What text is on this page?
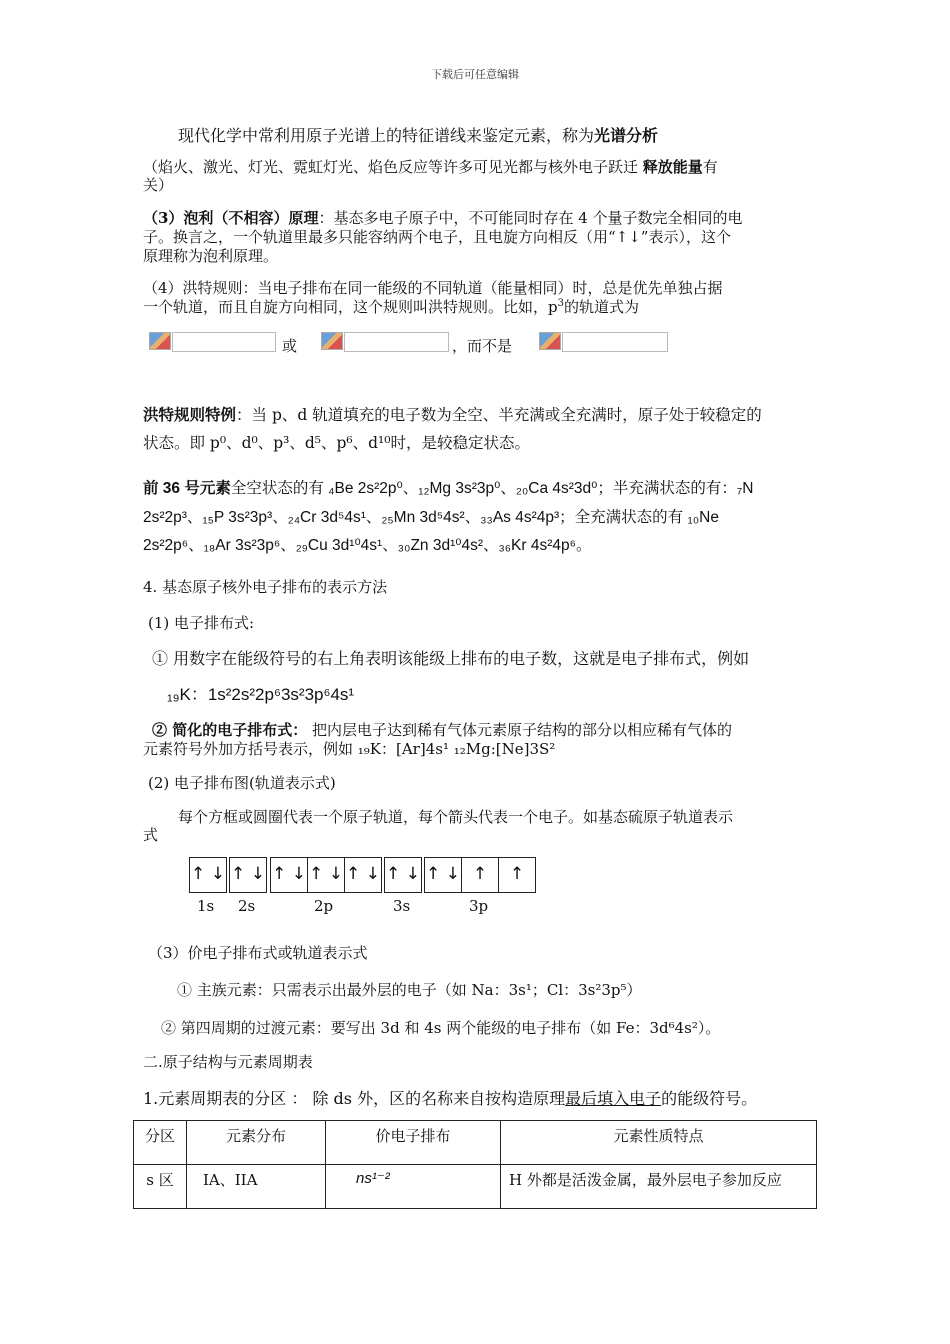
下载后可任意编辑
现代化学中常利用原子光谱上的特征谱线来鉴定元素，称为光谱分析
（焰火、激光、灯光、霓虹灯光、焰色反应等许多可见光都与核外电子跃迁 释放能量有
关）
（3）泡利（不相容）原理：基态多电子原子中，不可能同时存在 4 个量子数完全相同的电
子。换言之，一个轨道里最多只能容纳两个电子，且电旋方向相反（用“↑↓”表示），这个
原理称为泡利原理。
（4）洪特规则：当电子排布在同一能级的不同轨道（能量相同）时，总是优先单独占据
一个轨道，而且自旋方向相同，这个规则叫洪特规则。比如，$p^3$的轨道式为
或	，而不是
洪特规则特例：当 p、d 轨道填充的电子数为全空、半充满或全充满时，原子处于较稳定的
状态。即 p⁰、d⁰、p³、d⁵、p⁶、d¹⁰时，是较稳定状态。
前 36 号元素全空状态的有 ₄Be 2s²2p⁰、₁₂Mg 3s²3p⁰、₂₀Ca 4s²3d⁰；半充满状态的有：₇N
2s²2p³、₁₅P 3s²3p³、₂₄Cr 3d⁵4s¹、₂₅Mn 3d⁵4s²、₃₃As 4s²4p³；全充满状态的有 ₁₀Ne
2s²2p⁶、₁₈Ar 3s²3p⁶、₂₉Cu 3d¹⁰4s¹、₃₀Zn 3d¹⁰4s²、₃₆Kr 4s²4p⁶。
4. 基态原子核外电子排布的表示方法
(1) 电子排布式:
① 用数字在能级符号的右上角表明该能级上排布的电子数，这就是电子排布式，例如
₁₉K：1s²2s²2p⁶3s²3p⁶4s¹
② 简化的电子排布式： 把内层电子达到稀有气体元素原子结构的部分以相应稀有气体的
元素符号外加方括号表示，例如 ₁₉K：[Ar]4s¹ ₁₂Mg:[Ne]3S²
(2) 电子排布图(轨道表示式)
每个方框或圆圈代表一个原子轨道，每个箭头代表一个电子。如基态硫原子轨道表示
式
↑ ↓ ↑ ↓ ↑ ↓ ↑ ↓ ↑ ↓ ↑ ↓ ↑ ↓ ↑	↑
1s 2s	2p	3s	3p
（3）价电子排布式或轨道表示式
① 主族元素：只需表示出最外层的电子（如 Na：3s¹；Cl：3s²3p⁵）
② 第四周期的过渡元素：要写出 3d 和 4s 两个能级的电子排布（如 Fe：3d⁶4s²）。
二.原子结构与元素周期表
1.元素周期表的分区 ： 除 ds 外，区的名称来自按构造原理最后填入电子的能级符号。
分区	元素分布	价电子排布	元素性质特点
s 区	IA、IIA	ns¹⁻²	H 外都是活泼金属，最外层电子参加反应
